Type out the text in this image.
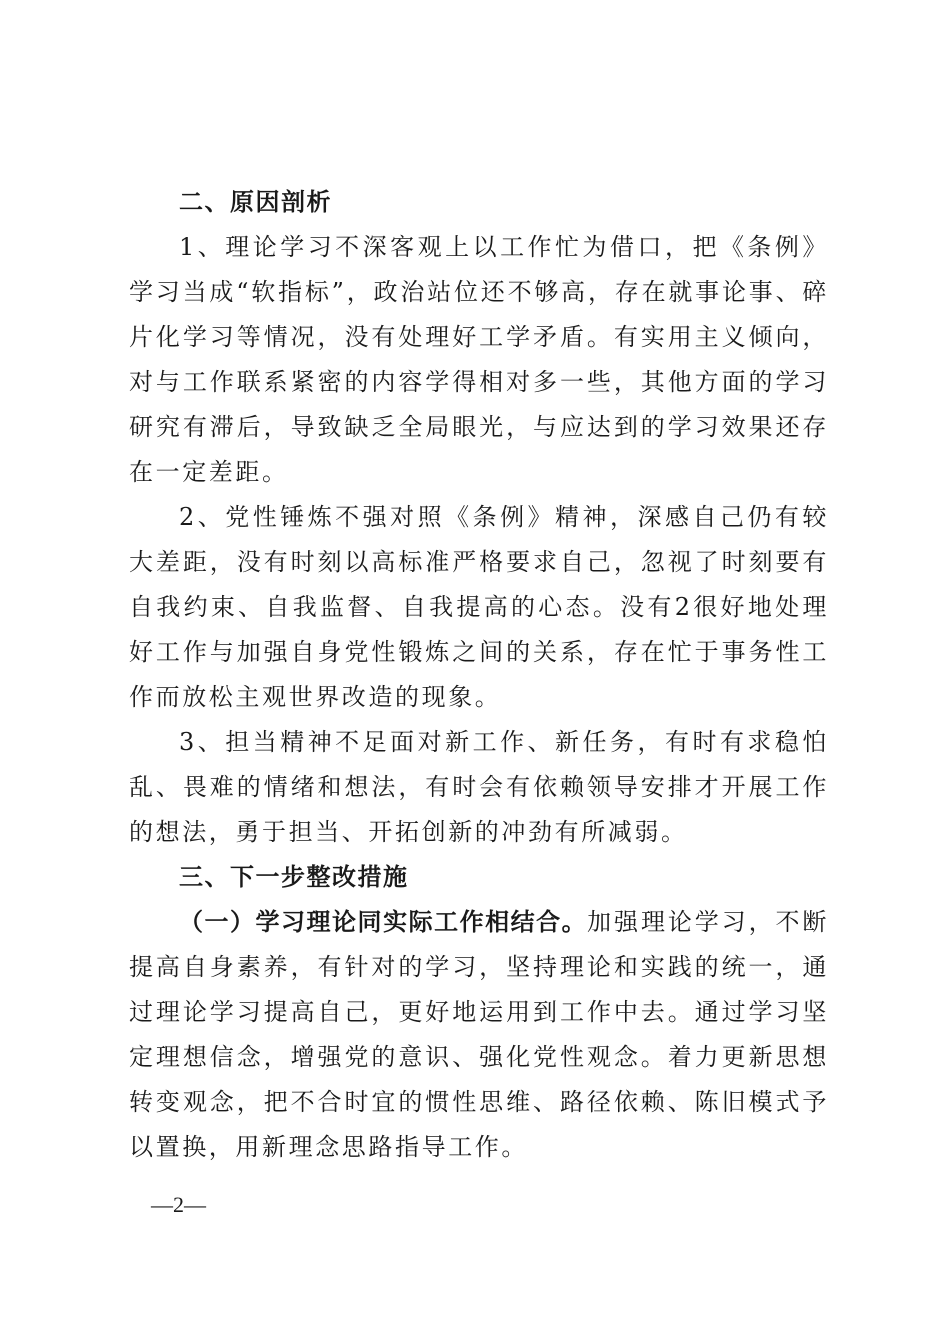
二、原因剖析

1、理论学习不深客观上以工作忙为借口，把《条例》学习当成“软指标”，政治站位还不够高，存在就事论事、碎片化学习等情况，没有处理好工学矛盾。有实用主义倾向，对与工作联系紧密的内容学得相对多一些，其他方面的学习研究有滞后，导致缺乏全局眼光，与应达到的学习效果还存在一定差距。

2、党性锤炼不强对照《条例》精神，深感自己仍有较大差距，没有时刻以高标准严格要求自己，忽视了时刻要有自我约束、自我监督、自我提高的心态。没有2很好地处理好工作与加强自身党性锻炼之间的关系，存在忙于事务性工作而放松主观世界改造的现象。

3、担当精神不足面对新工作、新任务，有时有求稳怕乱、畏难的情绪和想法，有时会有依赖领导安排才开展工作的想法，勇于担当、开拓创新的冲劲有所减弱。

三、下一步整改措施

（一）学习理论同实际工作相结合。加强理论学习，不断提高自身素养，有针对的学习，坚持理论和实践的统一，通过理论学习提高自己，更好地运用到工作中去。通过学习坚定理想信念，增强党的意识、强化党性观念。着力更新思想转变观念，把不合时宜的惯性思维、路径依赖、陈旧模式予以置换，用新理念思路指导工作。

—2—
